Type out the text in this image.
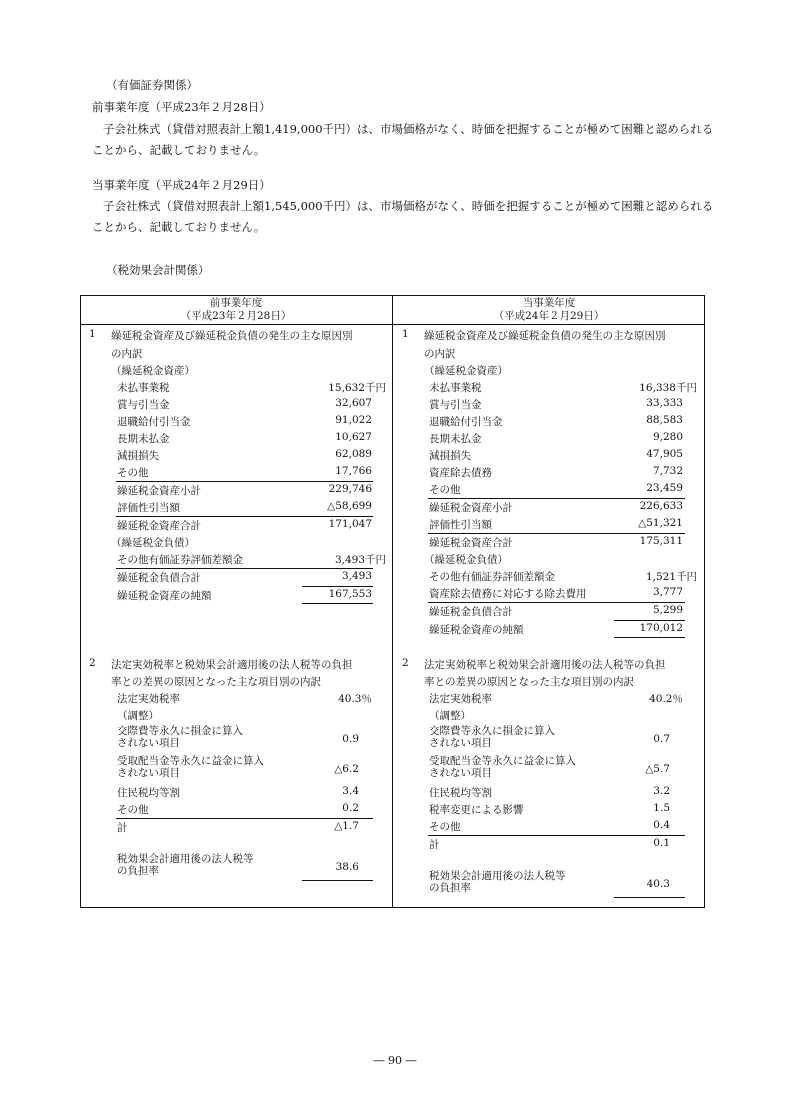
（有価証券関係）
前事業年度（平成23年２月28日）
子会社株式（貸借対照表計上額1,419,000千円）は、市場価格がなく、時価を把握することが極めて困難と認められることから、記載しておりません。
当事業年度（平成24年２月29日）
子会社株式（貸借対照表計上額1,545,000千円）は、市場価格がなく、時価を把握することが極めて困難と認められることから、記載しておりません。
（税効果会計関係）
前事業年度
（平成23年２月28日）
当事業年度
（平成24年２月29日）
1 繰延税金資産及び繰延税金負債の発生の主な原因別
の内訳
（繰延税金資産）
未払事業税	15,632千円
賞与引当金	32,607
退職給付引当金	91,022
長期未払金	10,627
減損損失	62,089
その他	17,766
繰延税金資産小計	229,746
評価性引当額	△58,699
繰延税金資産合計	171,047
（繰延税金負債）
その他有価証券評価差額金	3,493千円
繰延税金負債合計	3,493
繰延税金資産の純額	167,553
1 繰延税金資産及び繰延税金負債の発生の主な原因別
の内訳
（繰延税金資産）
未払事業税	16,338千円
賞与引当金	33,333
退職給付引当金	88,583
長期未払金	9,280
減損損失	47,905
資産除去債務	7,732
その他	23,459
繰延税金資産小計	226,633
評価性引当額	△51,321
繰延税金資産合計	175,311
（繰延税金負債）
その他有価証券評価差額金	1,521千円
資産除去債務に対応する除去費用	3,777
繰延税金負債合計	5,299
繰延税金資産の純額	170,012
2 法定実効税率と税効果会計適用後の法人税等の負担
率との差異の原因となった主な項目別の内訳
法定実効税率	40.3％
（調整）
交際費等永久に損金に算入
されない項目	0.9
受取配当金等永久に益金に算入
されない項目	△6.2
住民税均等割	3.4
その他	0.2
計	△1.7
税効果会計適用後の法人税等
の負担率	38.6
2 法定実効税率と税効果会計適用後の法人税等の負担
率との差異の原因となった主な項目別の内訳
法定実効税率	40.2％
（調整）
交際費等永久に損金に算入
されない項目	0.7
受取配当金等永久に益金に算入
されない項目	△5.7
住民税均等割	3.2
税率変更による影響	1.5
その他	0.4
計	0.1
税効果会計適用後の法人税等
の負担率	40.3
― 90 ―
